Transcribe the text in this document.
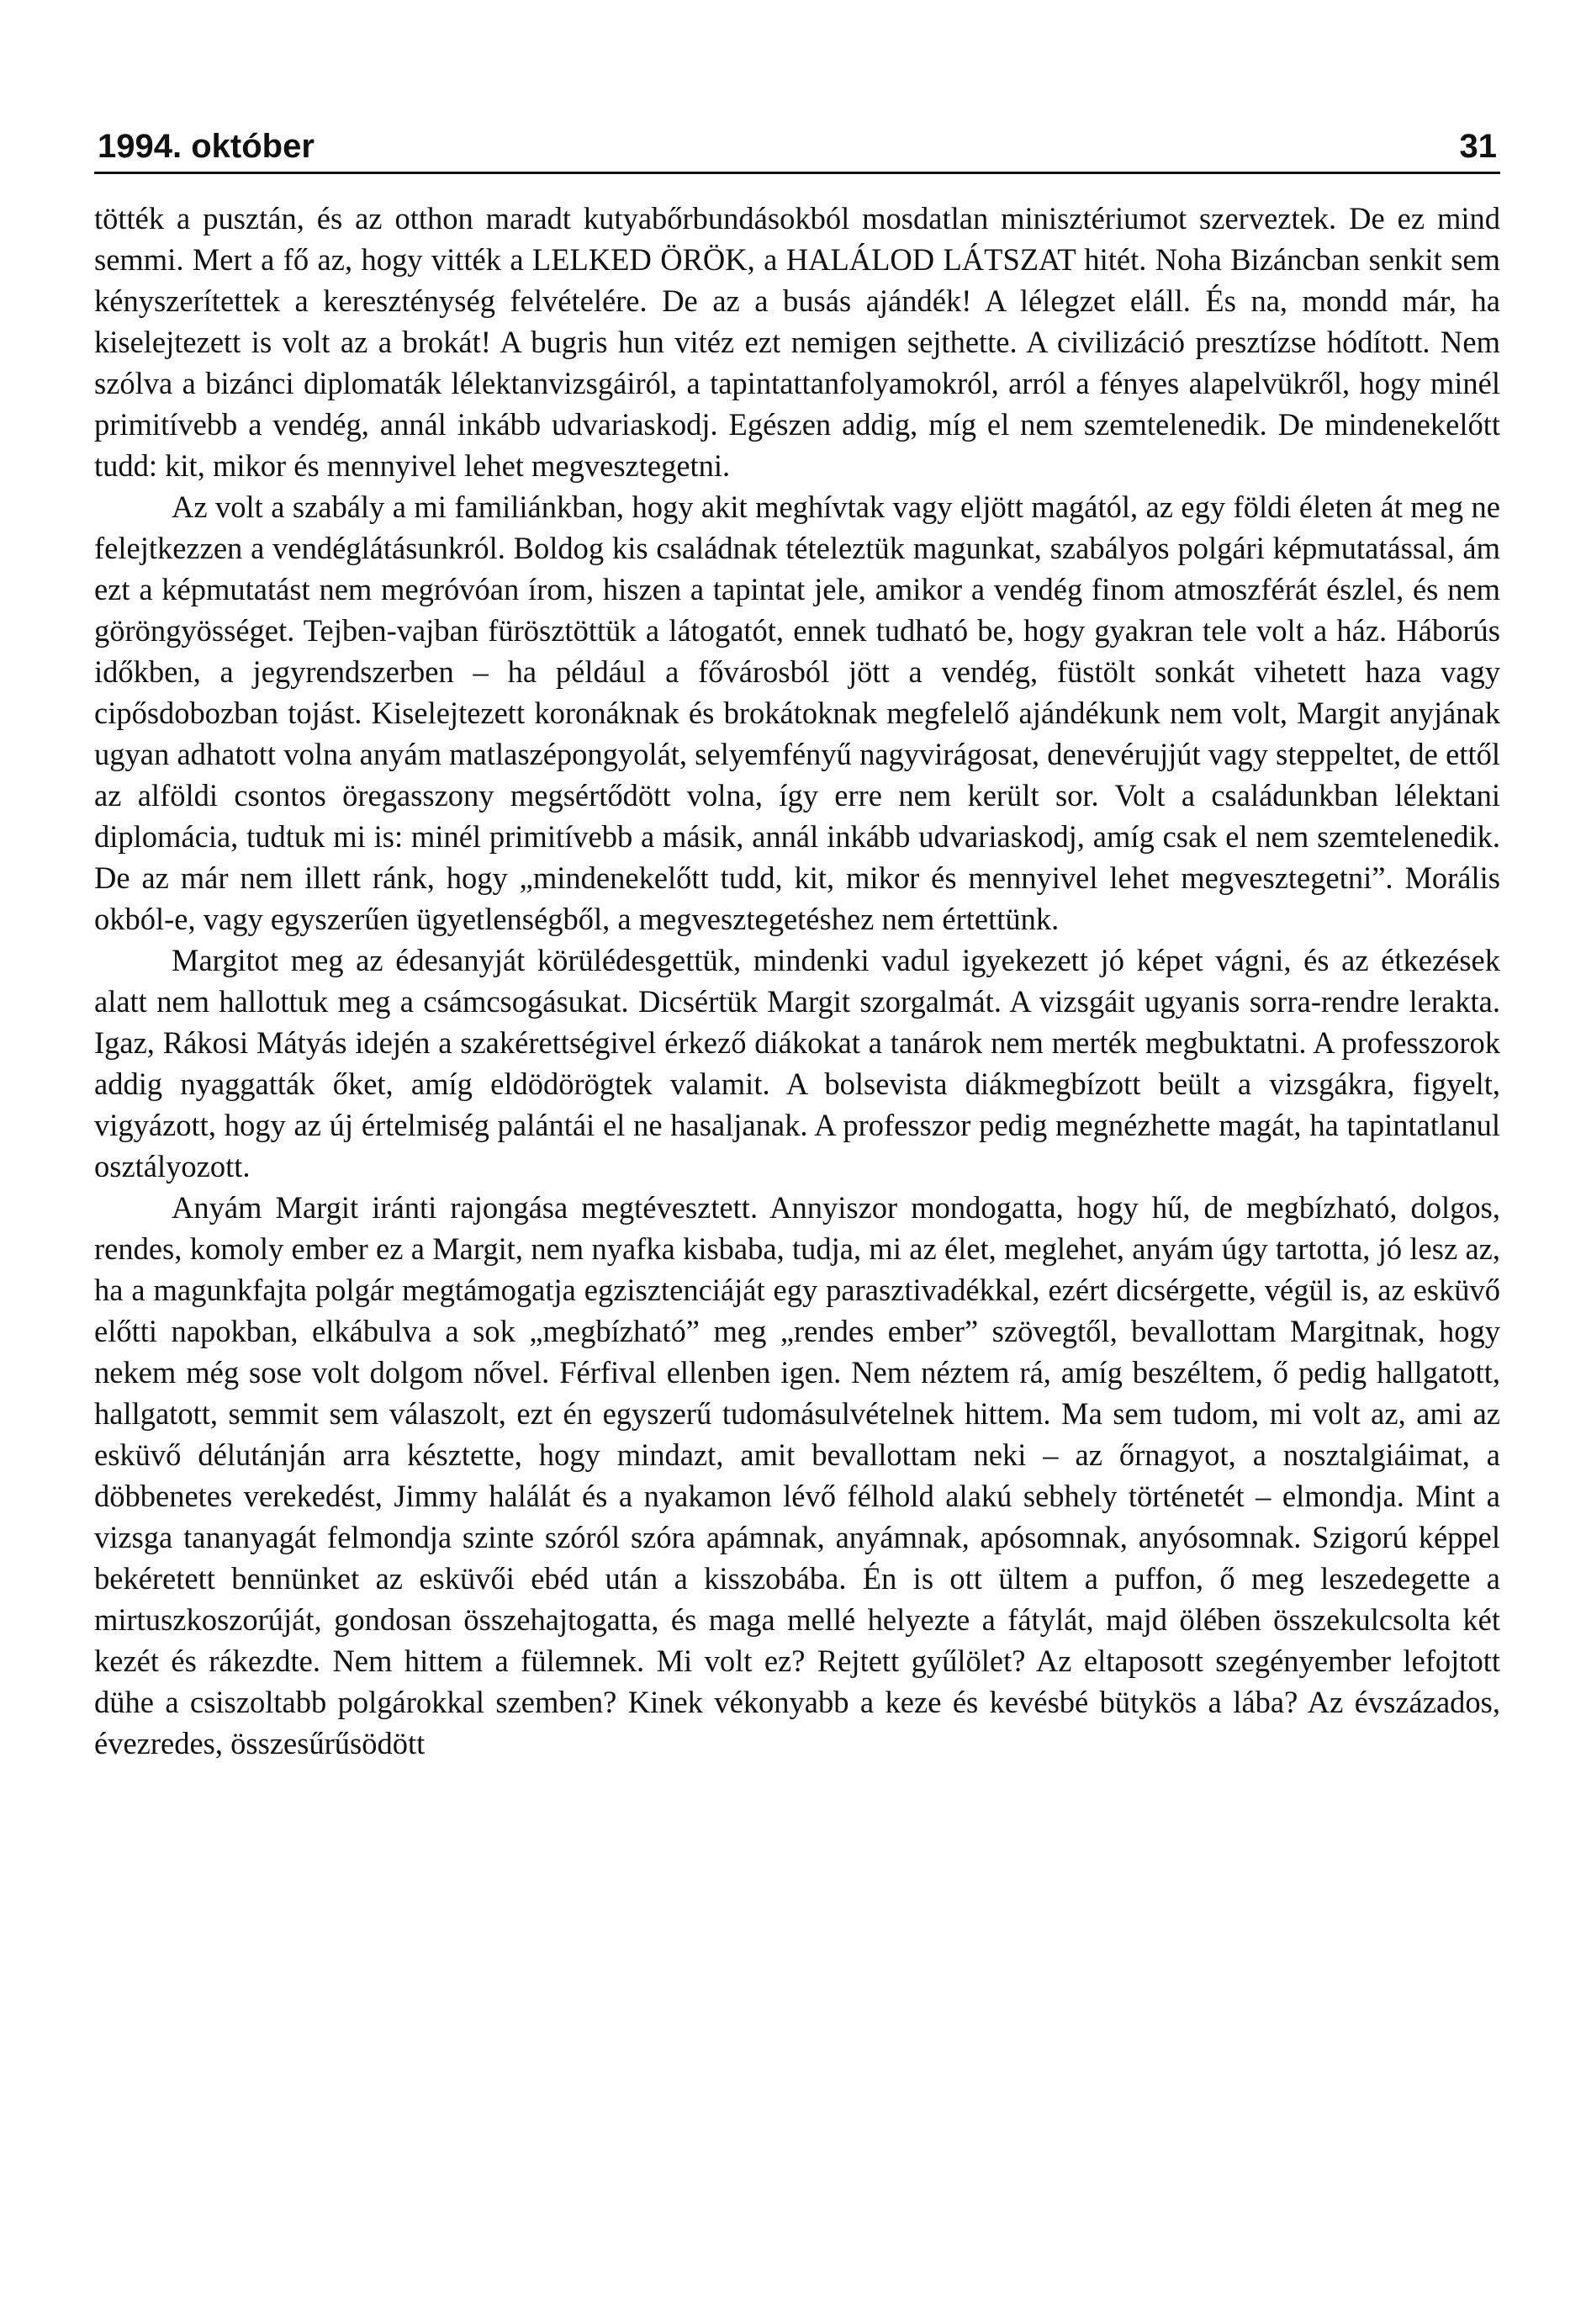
1994. október	31

tötték a pusztán, és az otthon maradt kutyabőrbundásokból mosdatlan minisztériumot szerveztek. De ez mind semmi. Mert a fő az, hogy vitték a LELKED ÖRÖK, a HALÁLOD LÁTSZAT hitét. Noha Bizáncban senkit sem kényszerítettek a kereszténység felvételére. De az a busás ajándék! A lélegzet eláll. És na, mondd már, ha kiselejtezett is volt az a brokát! A bugris hun vitéz ezt nemigen sejthette. A civilizáció presztízse hódított. Nem szólva a bizánci diplomaták lélektanvizsgáiról, a tapintattanfolyamokról, arról a fényes alapelvükről, hogy minél primitívebb a vendég, annál inkább udvariaskodj. Egészen addig, míg el nem szemtelenedik. De mindenekelőtt tudd: kit, mikor és mennyivel lehet megvesztegetni.

Az volt a szabály a mi familiánkban, hogy akit meghívtak vagy eljött magától, az egy földi életen át meg ne felejtkezzen a vendéglátásunkról. Boldog kis családnak tételeztük magunkat, szabályos polgári képmutatással, ám ezt a képmutatást nem megróvóan írom, hiszen a tapintat jele, amikor a vendég finom atmoszférát észlel, és nem göröngyösséget. Tejben-vajban fürösztöttük a látogatót, ennek tudható be, hogy gyakran tele volt a ház. Háborús időkben, a jegyrendszerben – ha például a fővárosból jött a vendég, füstölt sonkát vihetett haza vagy cipősdobozban tojást. Kiselejtezett koronáknak és brokátoknak megfelelő ajándékunk nem volt, Margit anyjának ugyan adhatott volna anyám matlaszépongyolát, selyemfényű nagyvirágosat, denevérujjút vagy steppeltet, de ettől az alföldi csontos öregasszony megsértődött volna, így erre nem került sor. Volt a családunkban lélektani diplomácia, tudtuk mi is: minél primitívebb a másik, annál inkább udvariaskodj, amíg csak el nem szemtelenedik. De az már nem illett ránk, hogy „mindenekelőtt tudd, kit, mikor és mennyivel lehet megvesztegetni”. Morális okból-e, vagy egyszerűen ügyetlenségből, a megvesztegetéshez nem értettünk.

Margitot meg az édesanyját körülédesgettük, mindenki vadul igyekezett jó képet vágni, és az étkezések alatt nem hallottuk meg a csámcsogásukat. Dicsértük Margit szorgalmát. A vizsgáit ugyanis sorra-rendre lerakta. Igaz, Rákosi Mátyás idején a szakérettségivel érkező diákokat a tanárok nem merték megbuktatni. A professzorok addig nyaggatták őket, amíg eldödörögtek valamit. A bolsevista diákmegbízott beült a vizsgákra, figyelt, vigyázott, hogy az új értelmiség palántái el ne hasaljanak. A professzor pedig megnézhette magát, ha tapintatlanul osztályozott.

Anyám Margit iránti rajongása megtévesztett. Annyiszor mondogatta, hogy hű, de megbízható, dolgos, rendes, komoly ember ez a Margit, nem nyafka kisbaba, tudja, mi az élet, meglehet, anyám úgy tartotta, jó lesz az, ha a magunkfajta polgár megtámogatja egzisztenciáját egy parasztivadékkal, ezért dicsérgette, végül is, az esküvő előtti napokban, elkábulva a sok „megbízható” meg „rendes ember” szövegtől, bevallottam Margitnak, hogy nekem még sose volt dolgom nővel. Férfival ellenben igen. Nem néztem rá, amíg beszéltem, ő pedig hallgatott, hallgatott, semmit sem válaszolt, ezt én egyszerű tudomásulvételnek hittem. Ma sem tudom, mi volt az, ami az esküvő délutánján arra késztette, hogy mindazt, amit bevallottam neki – az őrnagyot, a nosztalgiáimat, a döbbenetes verekedést, Jimmy halálát és a nyakamon lévő félhold alakú sebhely történetét – elmondja. Mint a vizsga tananyagát felmondja szinte szóról szóra apámnak, anyámnak, apósomnak, anyósomnak. Szigorú képpel bekéretett bennünket az esküvői ebéd után a kisszobába. Én is ott ültem a puffon, ő meg leszedegette a mirtuszkoszorúját, gondosan összehajtogatta, és maga mellé helyezte a fátylát, majd ölében összekulcsolta két kezét és rákezdte. Nem hittem a fülemnek. Mi volt ez? Rejtett gyűlölet? Az eltaposott szegényember lefojtott dühe a csiszoltabb polgárokkal szemben? Kinek vékonyabb a keze és kevésbé bütykös a lába? Az évszázados, évezredes, összesűrűsödött
